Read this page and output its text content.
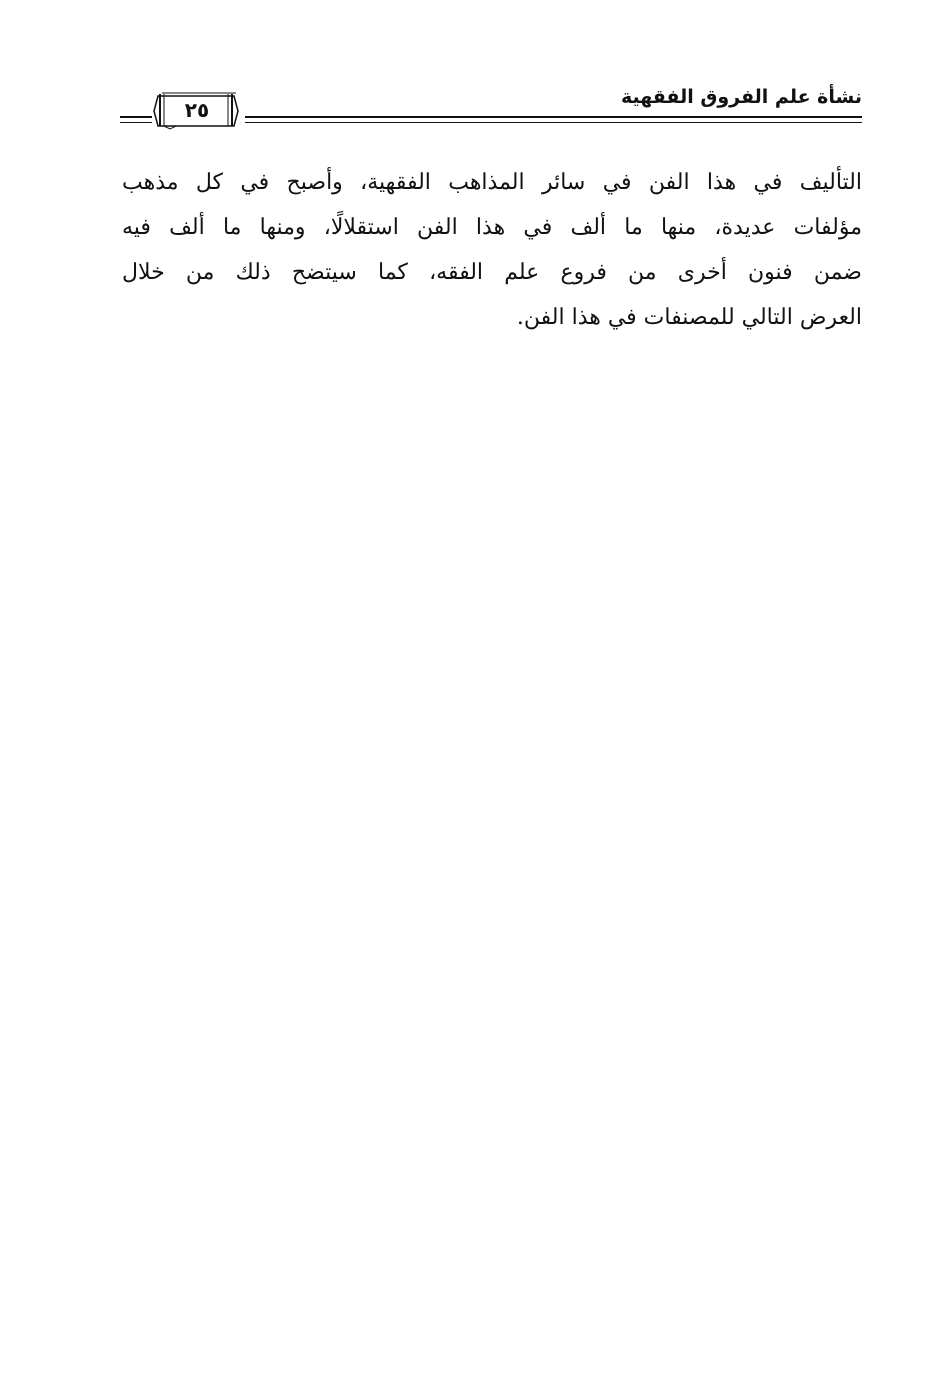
٢٥
نشأة علم الفروق الفقهية
التأليف في هذا الفن في سائر المذاهب الفقهية، وأصبح في كل مذهب
مؤلفات عديدة، منها ما ألف في هذا الفن استقلالًا، ومنها ما ألف فيه
ضمن فنون أخرى من فروع علم الفقه، كما سيتضح ذلك من خلال
العرض التالي للمصنفات في هذا الفن.
